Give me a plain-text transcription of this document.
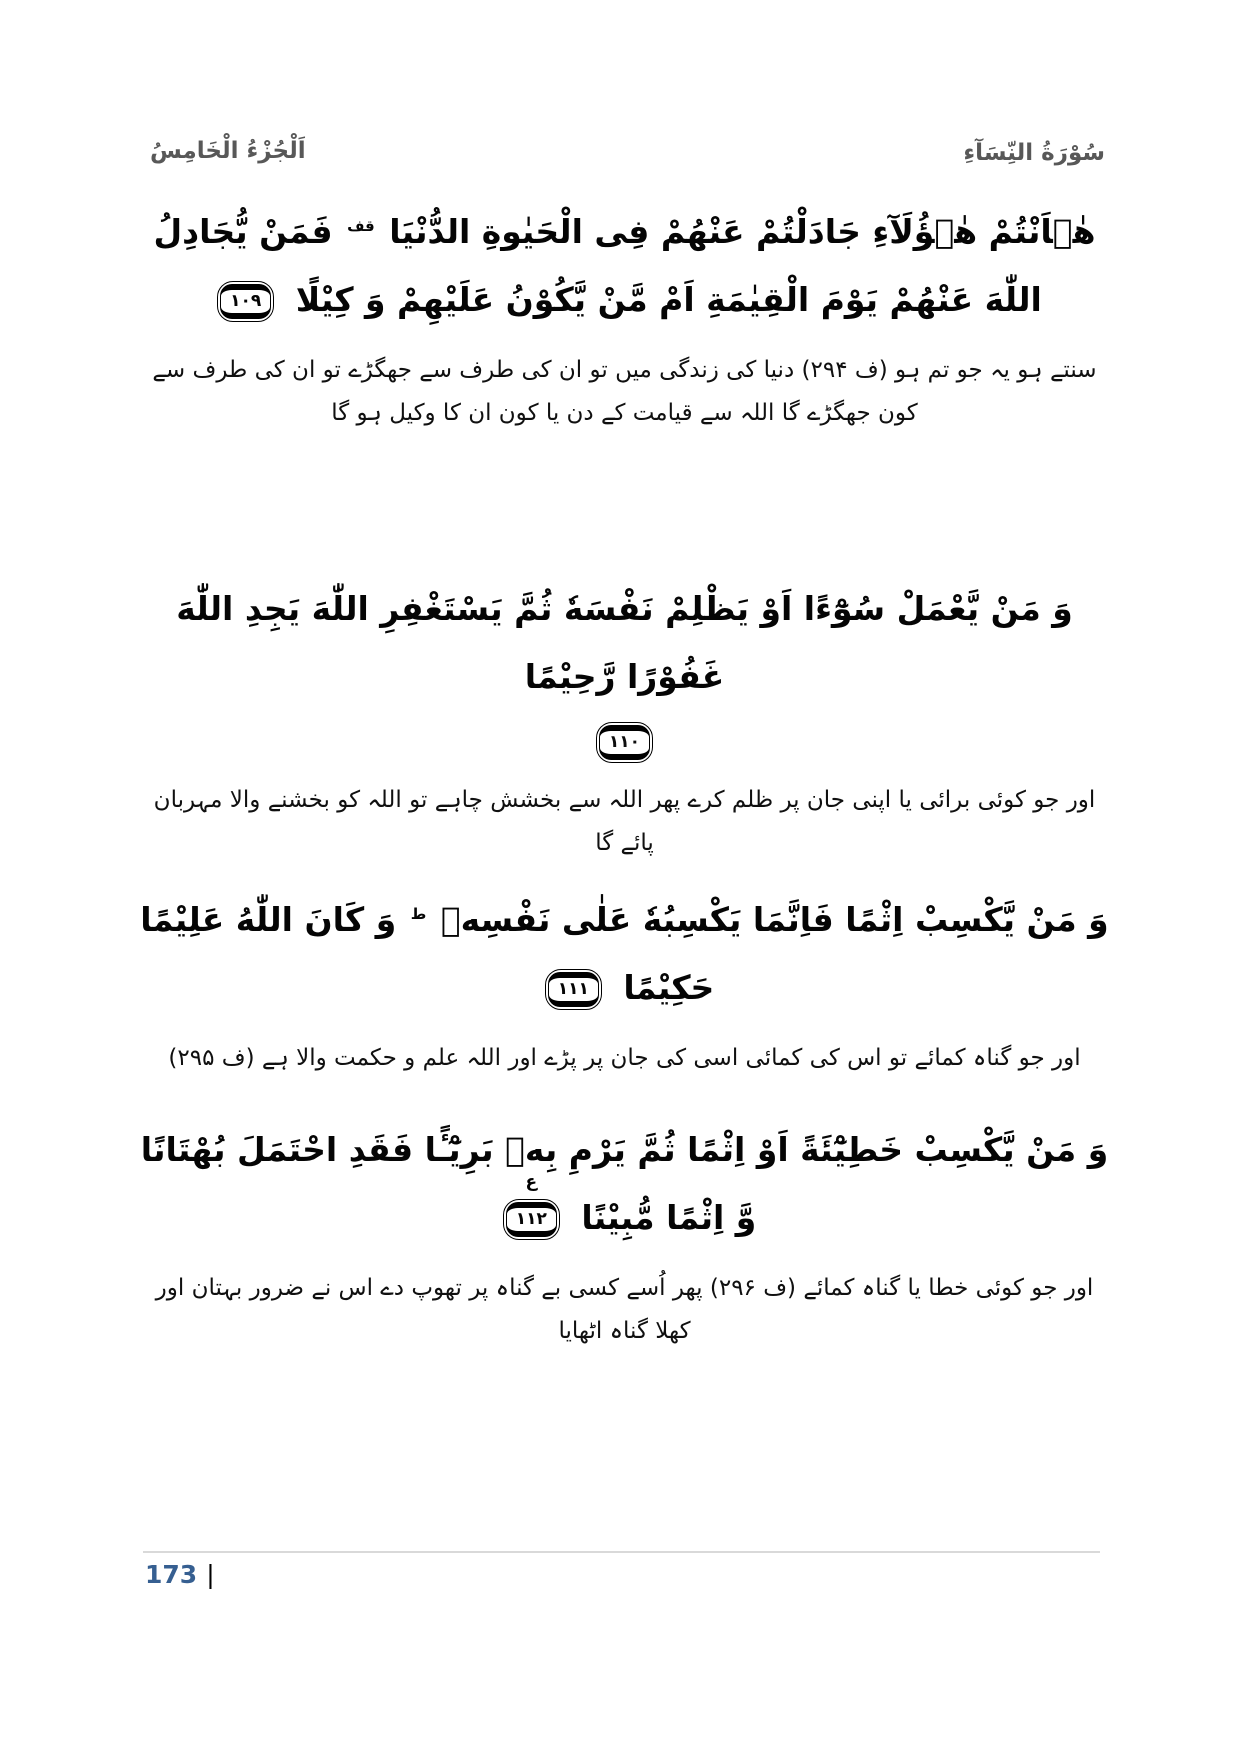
اَلْجُزْءُ الْخَامِسُ	سُوْرَةُ النِّسَآءِ
هٰۤاَنْتُمْ هٰۤؤُلَآءِ جَادَلْتُمْ عَنْهُمْ فِی الْحَیٰوةِ الدُّنْیَا $^{قف}$ فَمَنْ یُّجَادِلُ اللّٰهَ عَنْهُمْ یَوْمَ الْقِیٰمَةِ اَمْ مَّنْ یَّكُوْنُ عَلَیْهِمْ وَ كِیْلًا
١٠٩
سنتے ہو یہ جو تم ہو (ف ۲۹۴) دنیا کی زندگی میں تو ان کی طرف سے جھگڑے تو ان کی طرف سے کون جھگڑے گا اللہ سے قیامت کے دن یا کون ان کا وکیل ہو گا
وَ مَنْ یَّعْمَلْ سُوْٓءًا اَوْ یَظْلِمْ نَفْسَهٗ ثُمَّ یَسْتَغْفِرِ اللّٰهَ یَجِدِ اللّٰهَ غَفُوْرًا رَّحِیْمًا
١١٠
اور جو کوئی برائی یا اپنی جان پر ظلم کرے پھر اللہ سے بخشش چاہے تو اللہ کو بخشنے والا مہربان پائے گا
وَ مَنْ یَّكْسِبْ اِثْمًا فَاِنَّمَا یَكْسِبُهٗ عَلٰی نَفْسِهٖ $^ط$ وَ كَانَ اللّٰهُ عَلِیْمًا حَكِیْمًا
١١١
اور جو گناہ کمائے تو اس کی کمائی اسی کی جان پر پڑے اور اللہ علم و حکمت والا ہے (ف ۲۹۵)
وَ مَنْ یَّكْسِبْ خَطِیْٓئَةً اَوْ اِثْمًا ثُمَّ یَرْمِ بِهٖ بَرِیْٓـًٔا فَقَدِ احْتَمَلَ بُهْتَانًا وَّ اِثْمًا مُّبِیْنًا
ع
١١٢
اور جو کوئی خطا یا گناہ کمائے (ف ۲۹۶) پھر اُسے کسی بے گناہ پر تھوپ دے اس نے ضرور بہتان اور کھلا گناہ اٹھایا
173 |
